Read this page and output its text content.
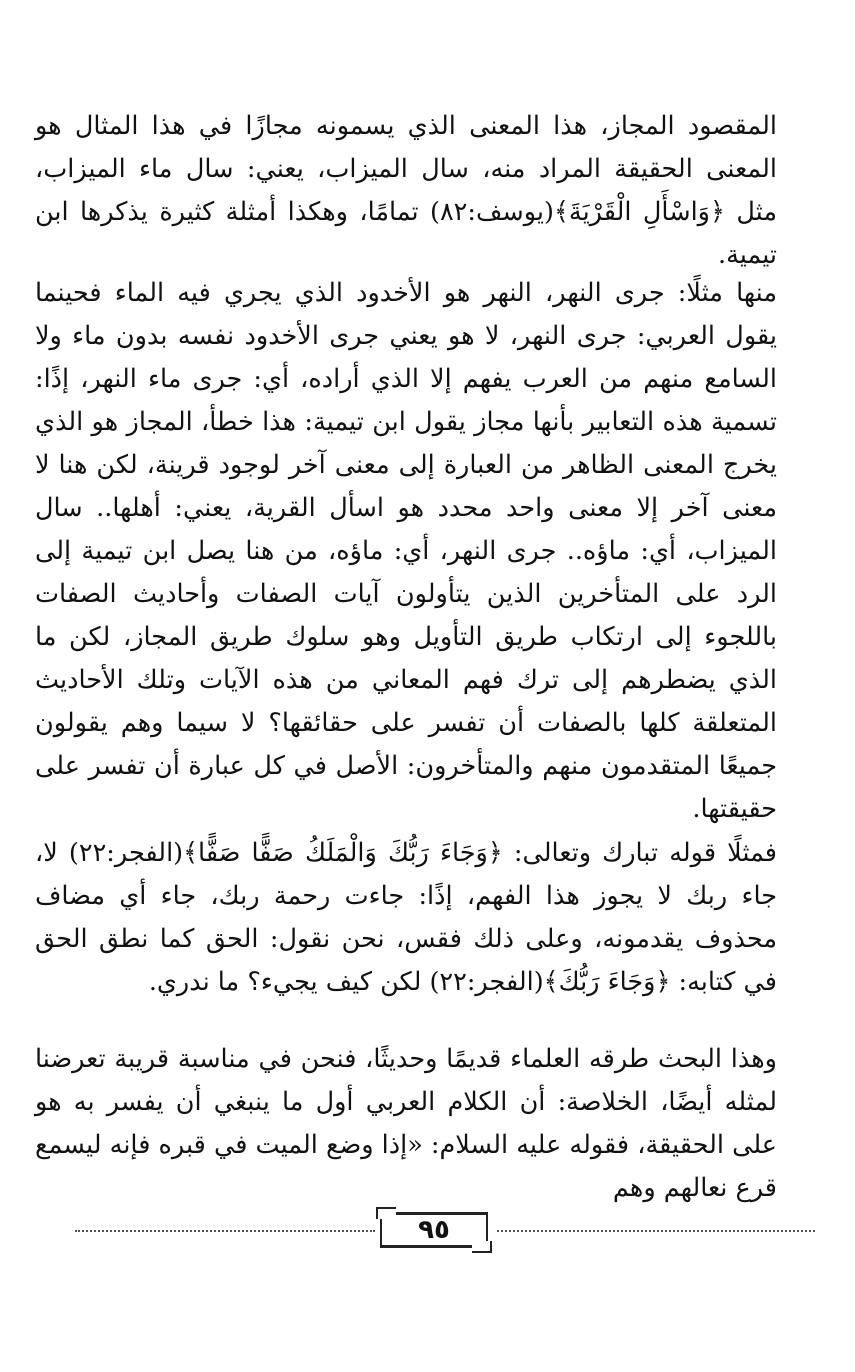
المقصود المجاز، هذا المعنى الذي يسمونه مجازًا في هذا المثال هو المعنى الحقيقة المراد منه، سال الميزاب، يعني: سال ماء الميزاب، مثل ﴿وَاسْأَلِ الْقَرْيَةَ﴾(يوسف:٨٢) تمامًا، وهكذا أمثلة كثيرة يذكرها ابن تيمية.

منها مثلًا: جرى النهر، النهر هو الأخدود الذي يجري فيه الماء فحينما يقول العربي: جرى النهر، لا هو يعني جرى الأخدود نفسه بدون ماء ولا السامع منهم من العرب يفهم إلا الذي أراده، أي: جرى ماء النهر، إذًا: تسمية هذه التعابير بأنها مجاز يقول ابن تيمية: هذا خطأ، المجاز هو الذي يخرج المعنى الظاهر من العبارة إلى معنى آخر لوجود قرينة، لكن هنا لا معنى آخر إلا معنى واحد محدد هو اسأل القرية، يعني: أهلها.. سال الميزاب، أي: ماؤه.. جرى النهر، أي: ماؤه، من هنا يصل ابن تيمية إلى الرد على المتأخرين الذين يتأولون آيات الصفات وأحاديث الصفات باللجوء إلى ارتكاب طريق التأويل وهو سلوك طريق المجاز، لكن ما الذي يضطرهم إلى ترك فهم المعاني من هذه الآيات وتلك الأحاديث المتعلقة كلها بالصفات أن تفسر على حقائقها؟ لا سيما وهم يقولون جميعًا المتقدمون منهم والمتأخرون: الأصل في كل عبارة أن تفسر على حقيقتها.

فمثلًا قوله تبارك وتعالى: ﴿وَجَاءَ رَبُّكَ وَالْمَلَكُ صَفًّا صَفًّا﴾(الفجر:٢٢) لا، جاء ربك لا يجوز هذا الفهم، إذًا: جاءت رحمة ربك، جاء أي مضاف محذوف يقدمونه، وعلى ذلك فقس، نحن نقول: الحق كما نطق الحق في كتابه: ﴿وَجَاءَ رَبُّكَ﴾(الفجر:٢٢) لكن كيف يجيء؟ ما ندري.

وهذا البحث طرقه العلماء قديمًا وحديثًا، فنحن في مناسبة قريبة تعرضنا لمثله أيضًا، الخلاصة: أن الكلام العربي أول ما ينبغي أن يفسر به هو على الحقيقة، فقوله عليه السلام: «إذا وضع الميت في قبره فإنه ليسمع قرع نعالهم وهم

٩٥
